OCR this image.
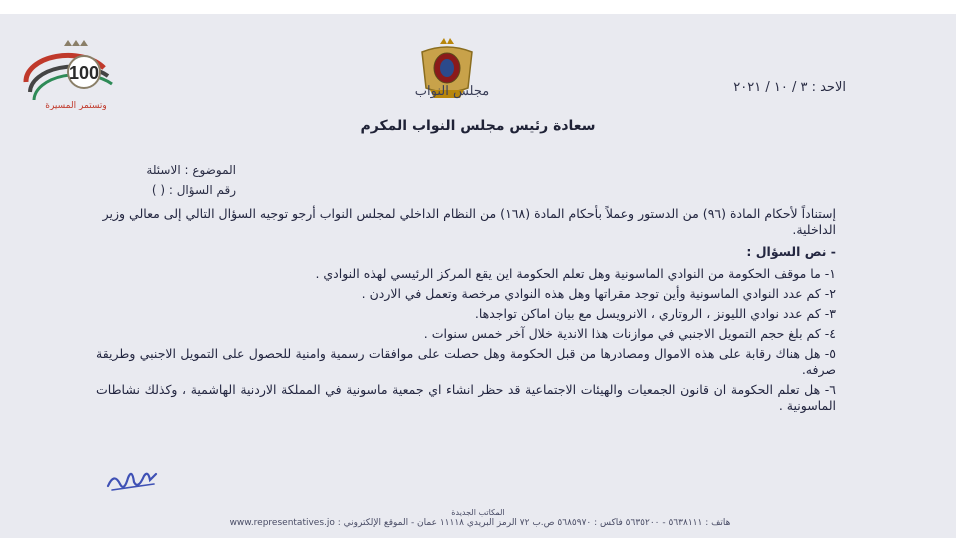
100
وتستمر المسيرة
مجلس النواب	الاحد : ٣ / ١٠ / ٢٠٢١
سعادة رئيس مجلس النواب المكرم
الموضوع : الاسئلة
رقم السؤال : ( )

إستناداً لأحكام المادة (٩٦) من الدستور وعملاً بأحكام المادة (١٦٨) من النظام الداخلي لمجلس النواب أرجو توجيه السؤال التالي إلى معالي وزير الداخلية.

- نص السؤال :

١- ما موقف الحكومة من النوادي الماسونية وهل تعلم الحكومة اين يقع المركز الرئيسي لهذه النوادي .

٢- كم عدد النوادي الماسونية وأين توجد مقراتها وهل هذه النوادي مرخصة وتعمل في الاردن .

٣- كم عدد نوادي الليونز ، الروتاري ، الانرويسل مع بيان اماكن تواجدها.

٤- كم بلغ حجم التمويل الاجنبي في موازنات هذا الاندية خلال آخر خمس سنوات .

٥- هل هناك رقابة على هذه الاموال ومصادرها من قبل الحكومة وهل حصلت على موافقات رسمية وامنية للحصول على التمويل الاجنبي وطريقة صرفه.

٦- هل تعلم الحكومة ان قانون الجمعيات والهيئات الاجتماعية قد حظر انشاء اي جمعية ماسونية في المملكة الاردنية الهاشمية ، وكذلك نشاطات الماسونية .

المكاتب الجديدة
هاتف : ٥٦٣٨١١١ - ٥٦٣٥٢٠٠ فاكس : ٥٦٨٥٩٧٠ ص.ب ٧٢ الرمز البريدي ١١١١٨ عمان - الموقع الإلكتروني : www.representatives.jo
